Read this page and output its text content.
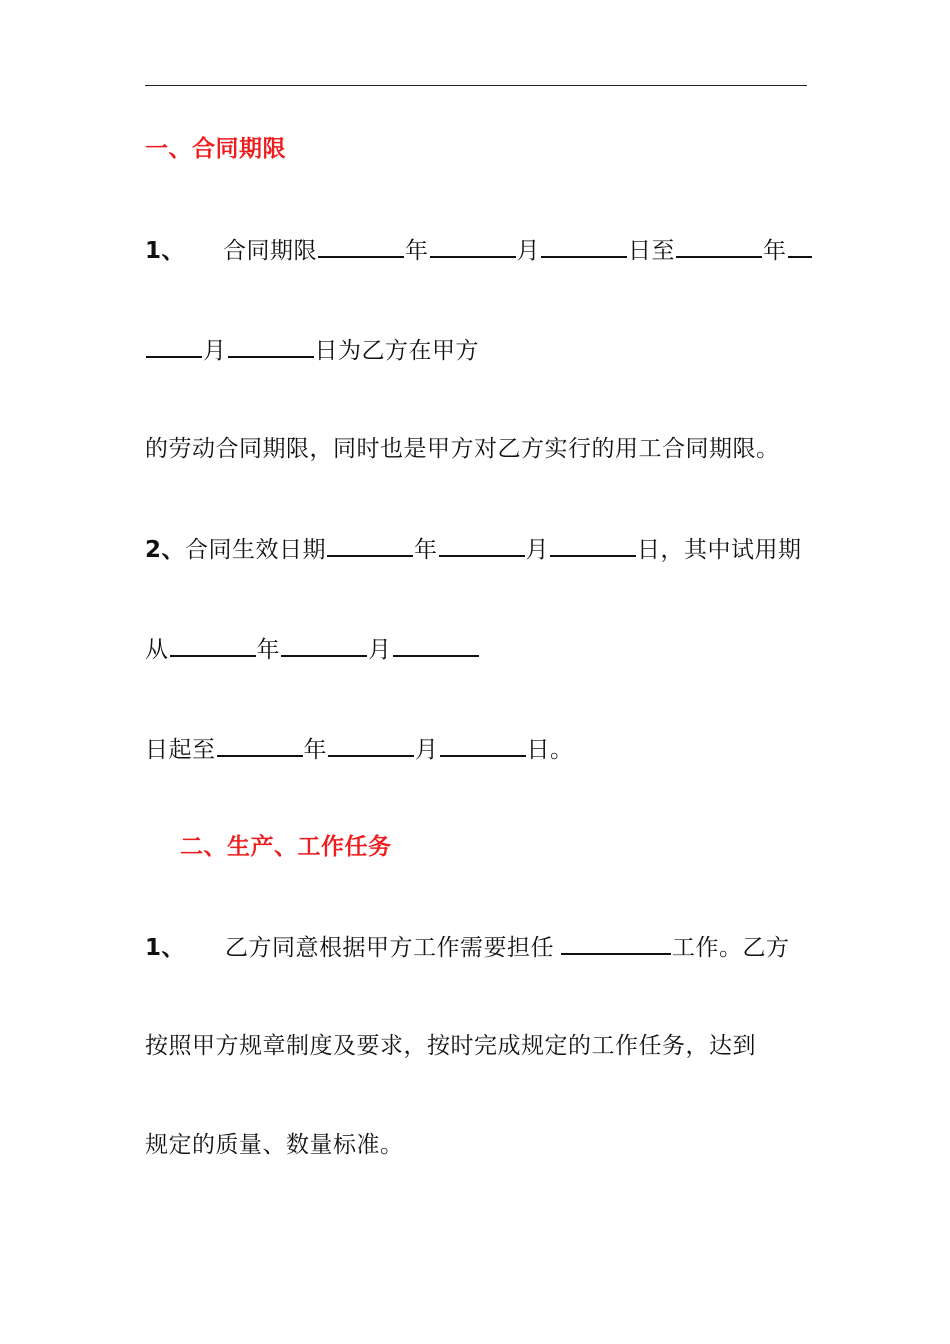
一、合同期限
1、 合同期限	年	月	日至	年
月	日为乙方在甲方
的劳动合同期限，同时也是甲方对乙方实行的用工合同期限。
2、合同生效日期	年	月	日，其中试用期
从	年	月
日起至	年	月	日。
二、生产、工作任务
1、 乙方同意根据甲方工作需要担任	工作。乙方
按照甲方规章制度及要求，按时完成规定的工作任务，达到
规定的质量、数量标准。
